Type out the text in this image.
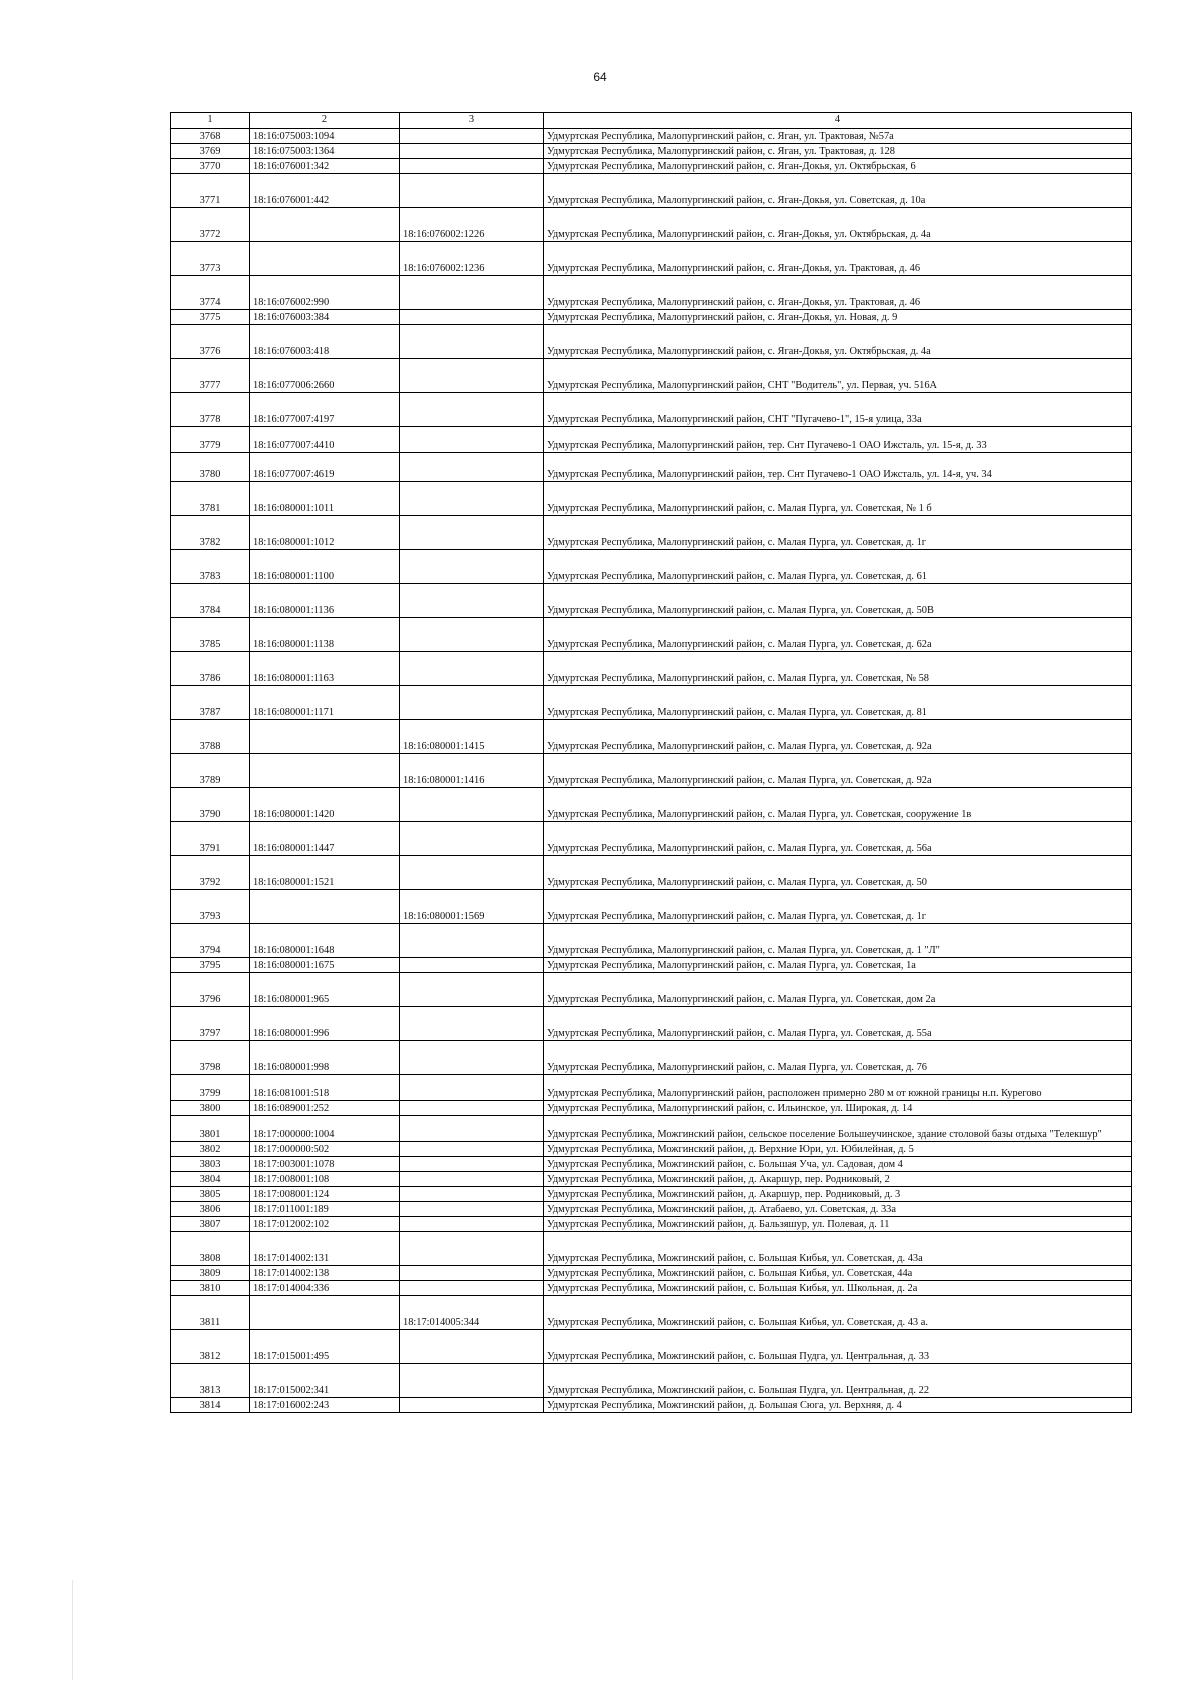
64
1	2	3	4
3768	18:16:075003:1094		Удмуртская Республика, Малопургинский район, с. Яган, ул. Трактовая, №57а
3769	18:16:075003:1364		Удмуртская Республика, Малопургинский район, с. Яган, ул. Трактовая, д. 128
3770	18:16:076001:342		Удмуртская Республика, Малопургинский район, с. Яган-Докья, ул. Октябрьская, 6
3771	18:16:076001:442		Удмуртская Республика, Малопургинский район, с. Яган-Докья, ул. Советская, д. 10а
3772		18:16:076002:1226	Удмуртская Республика, Малопургинский район, с. Яган-Докья, ул. Октябрьская, д. 4а
3773		18:16:076002:1236	Удмуртская Республика, Малопургинский район, с. Яган-Докья, ул. Трактовая, д. 46
3774	18:16:076002:990		Удмуртская Республика, Малопургинский район, с. Яган-Докья, ул. Трактовая, д. 46
3775	18:16:076003:384		Удмуртская Республика, Малопургинский район, с. Яган-Докья, ул. Новая, д. 9
3776	18:16:076003:418		Удмуртская Республика, Малопургинский район, с. Яган-Докья, ул. Октябрьская, д. 4а
3777	18:16:077006:2660		Удмуртская Республика, Малопургинский район, СНТ "Водитель", ул. Первая, уч. 516А
3778	18:16:077007:4197		Удмуртская Республика, Малопургинский район, СНТ "Пугачево-1", 15-я улица, 33а
3779	18:16:077007:4410		Удмуртская Республика, Малопургинский район, тер. Снт Пугачево-1 ОАО Ижсталь, ул. 15-я, д. 33
3780	18:16:077007:4619		Удмуртская Республика, Малопургинский район, тер. Снт Пугачево-1 ОАО Ижсталь, ул. 14-я, уч. 34
3781	18:16:080001:1011		Удмуртская Республика, Малопургинский район, с. Малая Пурга, ул. Советская, № 1 б
3782	18:16:080001:1012		Удмуртская Республика, Малопургинский район, с. Малая Пурга, ул. Советская, д. 1г
3783	18:16:080001:1100		Удмуртская Республика, Малопургинский район, с. Малая Пурга, ул. Советская, д. 61
3784	18:16:080001:1136		Удмуртская Республика, Малопургинский район, с. Малая Пурга, ул. Советская, д. 50В
3785	18:16:080001:1138		Удмуртская Республика, Малопургинский район, с. Малая Пурга, ул. Советская, д. 62а
3786	18:16:080001:1163		Удмуртская Республика, Малопургинский район, с. Малая Пурга, ул. Советская, № 58
3787	18:16:080001:1171		Удмуртская Республика, Малопургинский район, с. Малая Пурга, ул. Советская, д. 81
3788		18:16:080001:1415	Удмуртская Республика, Малопургинский район, с. Малая Пурга, ул. Советская, д. 92а
3789		18:16:080001:1416	Удмуртская Республика, Малопургинский район, с. Малая Пурга, ул. Советская, д. 92а
3790	18:16:080001:1420		Удмуртская Республика, Малопургинский район, с. Малая Пурга, ул. Советская, сооружение 1в
3791	18:16:080001:1447		Удмуртская Республика, Малопургинский район, с. Малая Пурга, ул. Советская, д. 56а
3792	18:16:080001:1521		Удмуртская Республика, Малопургинский район, с. Малая Пурга, ул. Советская, д. 50
3793		18:16:080001:1569	Удмуртская Республика, Малопургинский район, с. Малая Пурга, ул. Советская, д. 1г
3794	18:16:080001:1648		Удмуртская Республика, Малопургинский район, с. Малая Пурга, ул. Советская, д. 1 "Л"
3795	18:16:080001:1675		Удмуртская Республика, Малопургинский район, с. Малая Пурга, ул. Советская, 1а
3796	18:16:080001:965		Удмуртская Республика, Малопургинский район, с. Малая Пурга, ул. Советская, дом 2а
3797	18:16:080001:996		Удмуртская Республика, Малопургинский район, с. Малая Пурга, ул. Советская, д. 55а
3798	18:16:080001:998		Удмуртская Республика, Малопургинский район, с. Малая Пурга, ул. Советская, д. 76
3799	18:16:081001:518		Удмуртская Республика, Малопургинский район, расположен примерно 280 м от южной границы н.п. Курегово
3800	18:16:089001:252		Удмуртская Республика, Малопургинский район, с. Ильинское, ул. Широкая, д. 14
3801	18:17:000000:1004		Удмуртская Республика, Можгинский район, сельское поселение Большеучинское, здание столовой базы отдыха "Телекшур"
3802	18:17:000000:502		Удмуртская Республика, Можгинский район, д. Верхние Юри, ул. Юбилейная, д. 5
3803	18:17:003001:1078		Удмуртская Республика, Можгинский район, с. Большая Уча, ул. Садовая, дом 4
3804	18:17:008001:108		Удмуртская Республика, Можгинский район, д. Акаршур, пер. Родниковый, 2
3805	18:17:008001:124		Удмуртская Республика, Можгинский район, д. Акаршур, пер. Родниковый, д. 3
3806	18:17:011001:189		Удмуртская Республика, Можгинский район, д. Атабаево, ул. Советская, д. 33а
3807	18:17:012002:102		Удмуртская Республика, Можгинский район, д. Бальзяшур, ул. Полевая, д. 11
3808	18:17:014002:131		Удмуртская Республика, Можгинский район, с. Большая Кибья, ул. Советская, д. 43а
3809	18:17:014002:138		Удмуртская Республика, Можгинский район, с. Большая Кибья, ул. Советская, 44а
3810	18:17:014004:336		Удмуртская Республика, Можгинский район, с. Большая Кибья, ул. Школьная, д. 2а
3811		18:17:014005:344	Удмуртская Республика, Можгинский район, с. Большая Кибья, ул. Советская, д. 43 а.
3812	18:17:015001:495		Удмуртская Республика, Можгинский район, с. Большая Пудга, ул. Центральная, д. 33
3813	18:17:015002:341		Удмуртская Республика, Можгинский район, с. Большая Пудга, ул. Центральная, д. 22
3814	18:17:016002:243		Удмуртская Республика, Можгинский район, д. Большая Сюга, ул. Верхняя, д. 4
